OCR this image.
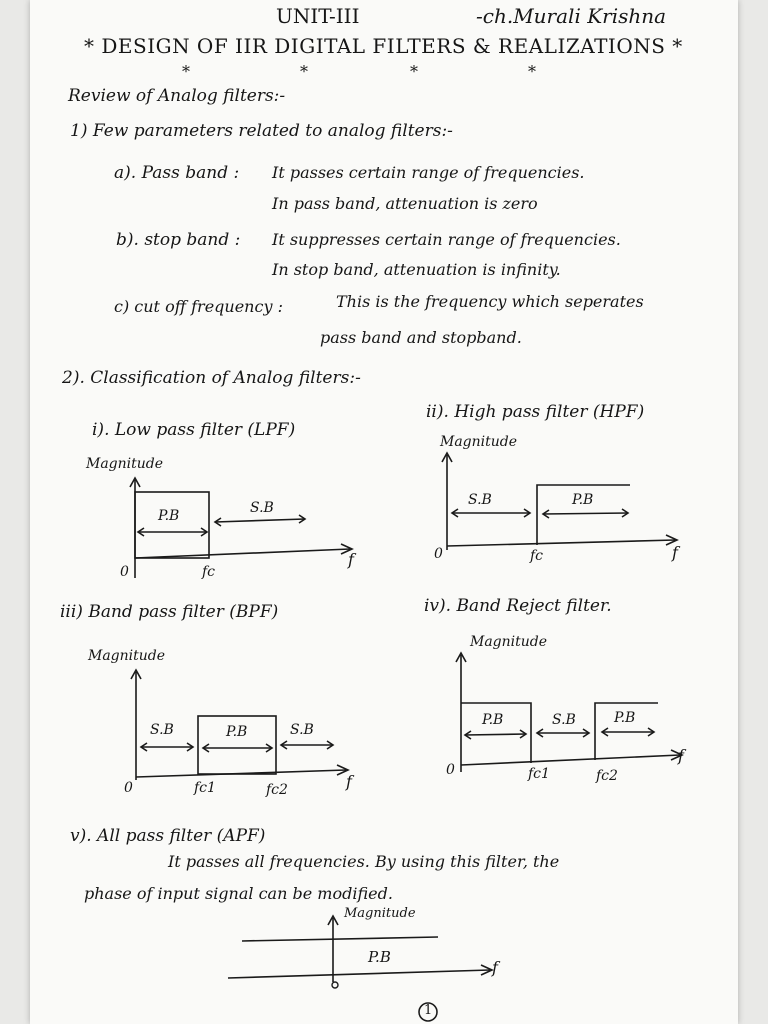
UNIT-III	-ch.Murali Krishna
* DESIGN OF IIR DIGITAL FILTERS & REALIZATIONS *
*	*	*	*
Review of Analog filters:-
1) Few parameters related to analog filters:-
a). Pass band : It passes certain range of frequencies.
In pass band, attenuation is zero
b). stop band : It suppresses certain range of frequencies.
In stop band, attenuation is infinity.
c) cut off frequency :	This is the frequency which seperates
pass band and stopband.
2). Classification of Analog filters:-
i). Low pass filter (LPF)
ii). High pass filter (HPF)
Magnitude
P.B	S.B
f
0	fc
Magnitude
S.B	P.B
f
0	fc
iii) Band pass filter (BPF)	iv). Band Reject filter.
Magnitude
S.B	P.B	S.B
f
0	fc1	fc2
Magnitude
P.B	S.B	P.B
f
0	fc1	fc2
v). All pass filter (APF)
It passes all frequencies. By using this filter, the
phase of input signal can be modified.
Magnitude
P.B
f
1
